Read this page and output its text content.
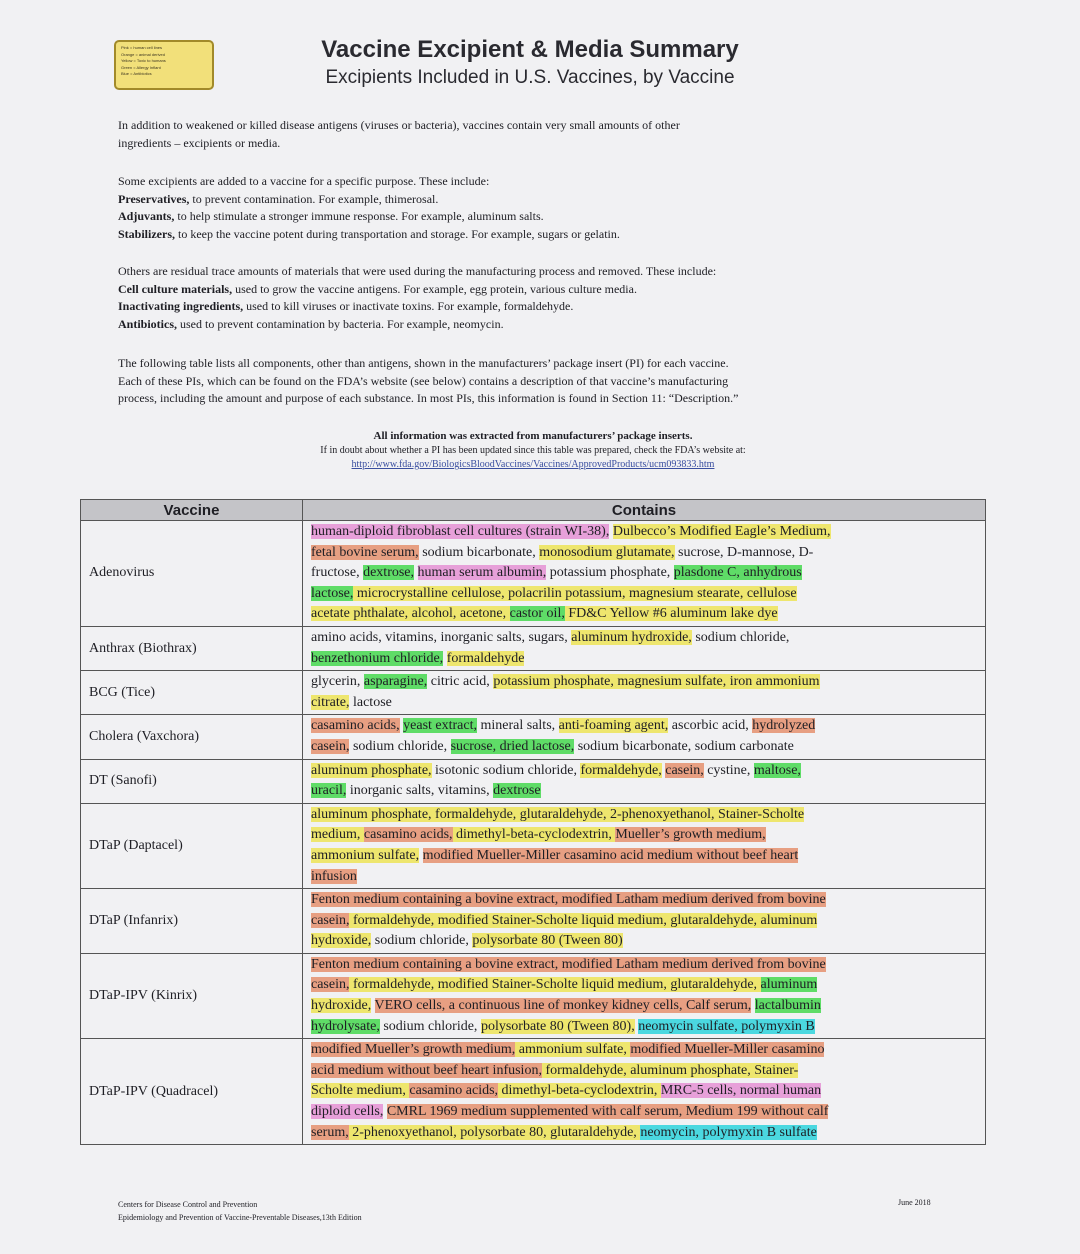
Pink = human cell lines
Orange = animal derived
Yellow = Toxic to humans
Green = Allergy Inflant
Blue = Antibiotics
Vaccine Excipient & Media Summary
Excipients Included in U.S. Vaccines, by Vaccine
In addition to weakened or killed disease antigens (viruses or bacteria), vaccines contain very small amounts of other
ingredients – excipients or media.
Some excipients are added to a vaccine for a specific purpose. These include:
Preservatives, to prevent contamination. For example, thimerosal.
Adjuvants, to help stimulate a stronger immune response. For example, aluminum salts.
Stabilizers, to keep the vaccine potent during transportation and storage. For example, sugars or gelatin.
Others are residual trace amounts of materials that were used during the manufacturing process and removed. These include:
Cell culture materials, used to grow the vaccine antigens. For example, egg protein, various culture media.
Inactivating ingredients, used to kill viruses or inactivate toxins. For example, formaldehyde.
Antibiotics, used to prevent contamination by bacteria. For example, neomycin.
The following table lists all components, other than antigens, shown in the manufacturers’ package insert (PI) for each vaccine.
Each of these PIs, which can be found on the FDA’s website (see below) contains a description of that vaccine’s manufacturing
process, including the amount and purpose of each substance. In most PIs, this information is found in Section 11: “Description.”
All information was extracted from manufacturers’ package inserts.
If in doubt about whether a PI has been updated since this table was prepared, check the FDA’s website at:
http://www.fda.gov/BiologicsBloodVaccines/Vaccines/ApprovedProducts/ucm093833.htm
Vaccine	Contains
Adenovirus	human-diploid fibroblast cell cultures (strain WI-38), Dulbecco’s Modified Eagle’s Medium,
fetal bovine serum, sodium bicarbonate, monosodium glutamate, sucrose, D-mannose, D-
fructose, dextrose, human serum albumin, potassium phosphate, plasdone C, anhydrous
lactose, microcrystalline cellulose, polacrilin potassium, magnesium stearate, cellulose
acetate phthalate, alcohol, acetone, castor oil, FD&C Yellow #6 aluminum lake dye

Anthrax (Biothrax)	amino acids, vitamins, inorganic salts, sugars, aluminum hydroxide, sodium chloride,
benzethonium chloride, formaldehyde

BCG (Tice)	glycerin, asparagine, citric acid, potassium phosphate, magnesium sulfate, iron ammonium
citrate, lactose

Cholera (Vaxchora)	casamino acids, yeast extract, mineral salts, anti-foaming agent, ascorbic acid, hydrolyzed
casein, sodium chloride, sucrose, dried lactose, sodium bicarbonate, sodium carbonate

DT (Sanofi)	aluminum phosphate, isotonic sodium chloride, formaldehyde, casein, cystine, maltose,
uracil, inorganic salts, vitamins, dextrose

DTaP (Daptacel)	aluminum phosphate, formaldehyde, glutaraldehyde, 2-phenoxyethanol, Stainer-Scholte
medium, casamino acids, dimethyl-beta-cyclodextrin, Mueller’s growth medium,
ammonium sulfate, modified Mueller-Miller casamino acid medium without beef heart
infusion

DTaP (Infanrix)	Fenton medium containing a bovine extract, modified Latham medium derived from bovine
casein, formaldehyde, modified Stainer-Scholte liquid medium, glutaraldehyde, aluminum
hydroxide, sodium chloride, polysorbate 80 (Tween 80)

DTaP-IPV (Kinrix)	Fenton medium containing a bovine extract, modified Latham medium derived from bovine
casein, formaldehyde, modified Stainer-Scholte liquid medium, glutaraldehyde, aluminum
hydroxide, VERO cells, a continuous line of monkey kidney cells, Calf serum, lactalbumin
hydrolysate, sodium chloride, polysorbate 80 (Tween 80), neomycin sulfate, polymyxin B

DTaP-IPV (Quadracel)	modified Mueller’s growth medium, ammonium sulfate, modified Mueller-Miller casamino
acid medium without beef heart infusion, formaldehyde, aluminum phosphate, Stainer-
Scholte medium, casamino acids, dimethyl-beta-cyclodextrin, MRC-5 cells, normal human
diploid cells, CMRL 1969 medium supplemented with calf serum, Medium 199 without calf
serum, 2-phenoxyethanol, polysorbate 80, glutaraldehyde, neomycin, polymyxin B sulfate
Centers for Disease Control and Prevention
Epidemiology and Prevention of Vaccine-Preventable Diseases,13th Edition
June 2018
